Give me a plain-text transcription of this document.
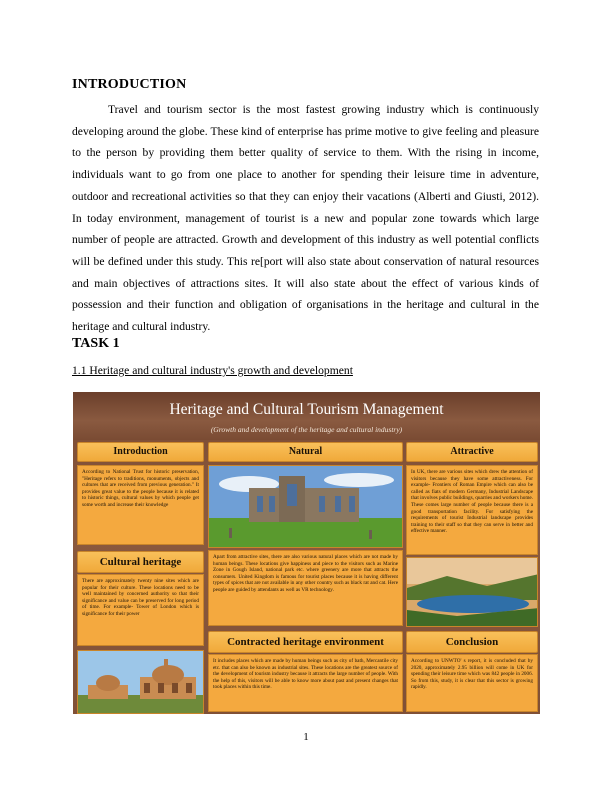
INTRODUCTION

Travel and tourism sector is the most fastest growing industry which is continuously developing around the globe. These kind of enterprise has prime motive to give feeling and pleasure to the person by providing them better quality of service to them. With the rising in income, individuals want to go from one place to another for spending their leisure time in adventure, outdoor and recreational activities so that they can enjoy their vacations (Alberti and Giusti, 2012). In today environment, management of tourist is a new and popular zone towards which large number of people are attracted. Growth and development of this industry as well potential conflicts will be defined under this study. This re[port will also state about conservation of natural resources and main objectives of attractions sites. It will also state about the effect of various kinds of possession and their function and obligation of organisations in the heritage and cultural in the heritage and cultural industry.

TASK 1
1.1 Heritage and cultural industry's growth and development
Heritage and Cultural Tourism Management
(Growth and development of the heritage and cultural industry)
Introduction
According to National Trust for historic preservation, "Heritage refers to traditions, monuments, objects and cultures that are received from previous generation." It provides great value to the people because it is related to historic things, cultural values by which people get some worth and increase their knowledge
Cultural heritage
There are approximately twenty nine sites which are popular for their culture. These locations need to be well maintained by concerned authority so that their significance and value can be preserved for long period of time. For example- Tower of London which is significance for their power
Natural
Apart from attractive sites, there are also various natural places which are not made by human beings. These locations give happiness and piece to the visitors such as Marine Zone in Gough Island, national park etc. where greenery are more that attracts the consumers. United Kingdom is famous for tourist places because it is having different types of spices that are not available in any other country such as black rat and cat. Here people are guided by attendants as well as VR technology.
Contracted heritage environment
It includes places which are made by human beings such as city of bath, Mercantile city etc. that can also be known as industrial sites. These locations are the greatest source of the development of tourism industry because it attracts the large number of people. With the help of this, visitors will be able to know more about past and present changes that took places within this time.
Attractive
In UK, there are various sites which drew the attention of visitors because they have some attractiveness. For example- Frontiers of Roman Empire which can also be called as fiats of modern Germany, Industrial Landscape that involves public buildings, quarries and workers home. These comes large number of people because there is a good transportation facility. For satisfying the requirements of tourist Industrial landscape provides training to their staff so that they can serve in better and effective manner.
Conclusion
According to UNWTO' s report, it is concluded that by 2020, approximately 2.95 billion will come in UK for spending their leisure time which was 842 people in 2006. So from this, study, it is clear that this sector is growing rapidly.
1
